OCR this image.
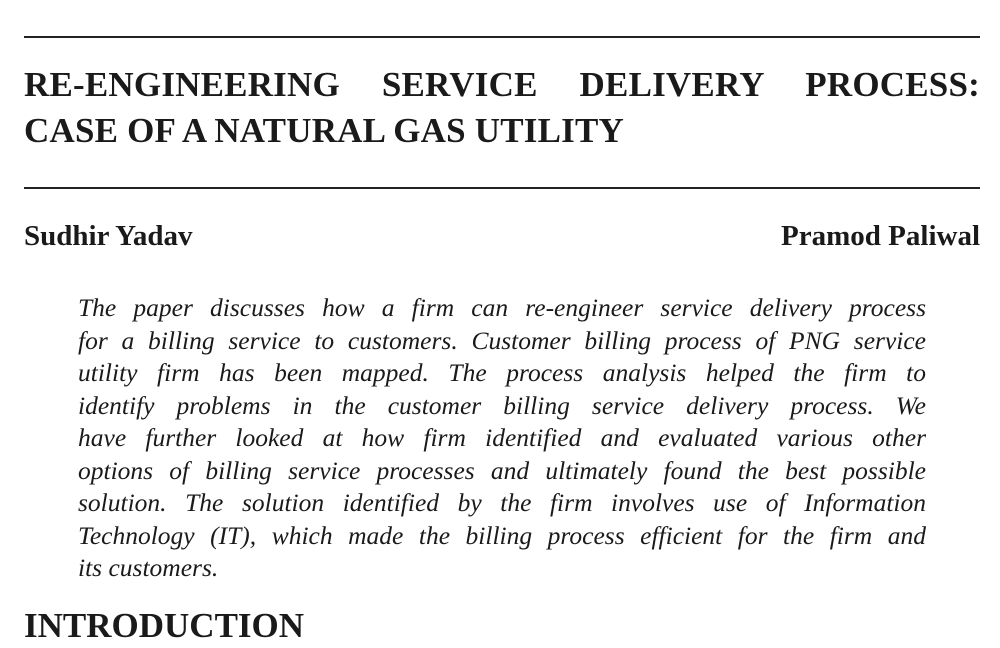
RE-ENGINEERING SERVICE DELIVERY PROCESS:
CASE OF A NATURAL GAS UTILITY
Sudhir Yadav	Pramod Paliwal
The paper discusses how a firm can re-engineer service delivery process
for a billing service to customers. Customer billing process of PNG service
utility firm has been mapped. The process analysis helped the firm to
identify problems in the customer billing service delivery process. We
have further looked at how firm identified and evaluated various other
options of billing service processes and ultimately found the best possible
solution. The solution identified by the firm involves use of Information
Technology (IT), which made the billing process efficient for the firm and
its customers.
INTRODUCTION
